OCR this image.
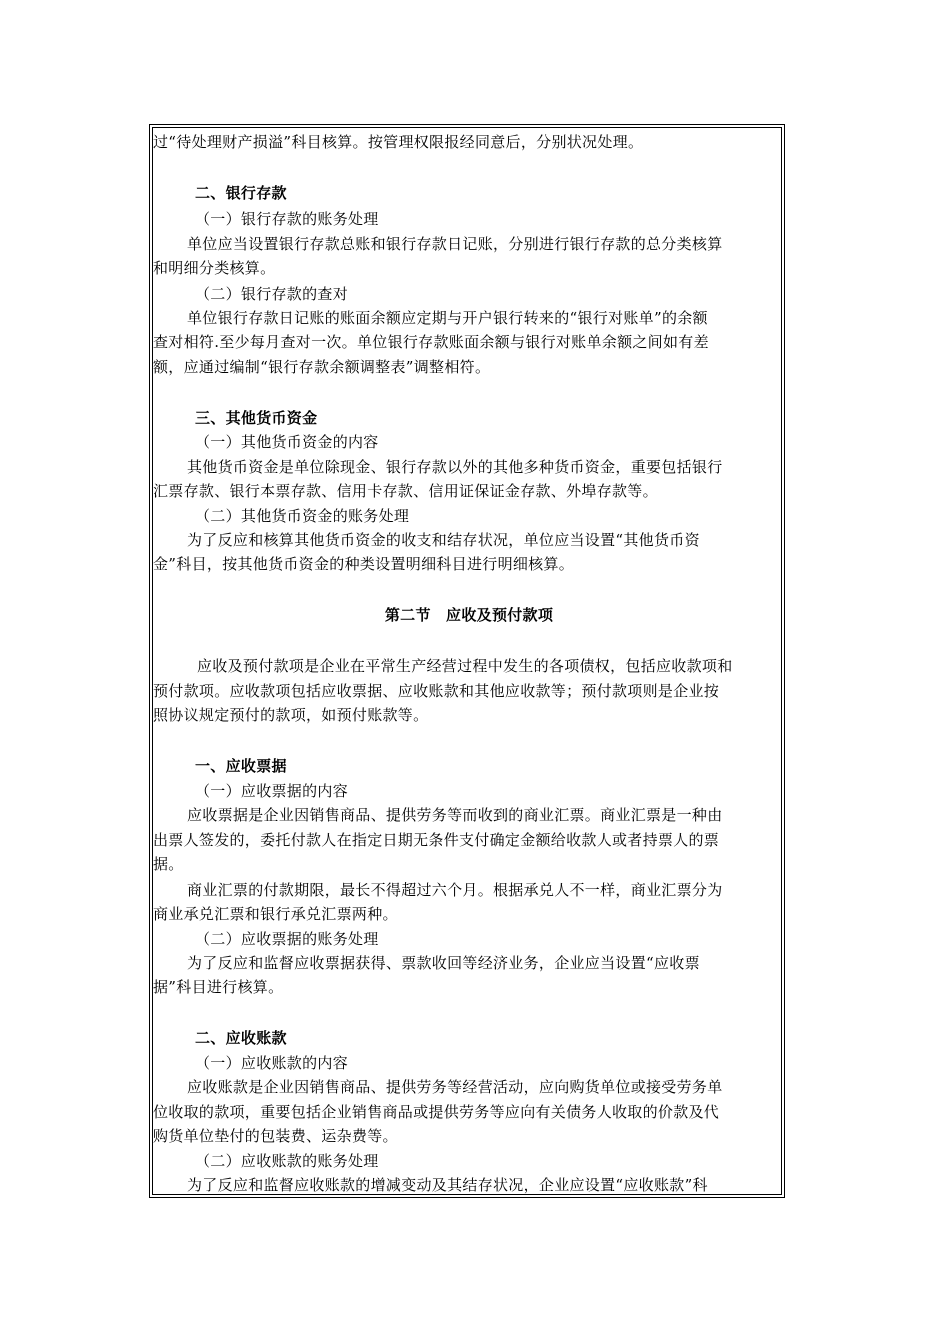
过“待处理财产损溢”科目核算。按管理权限报经同意后，分别状况处理。
二、银行存款
（一）银行存款的账务处理
单位应当设置银行存款总账和银行存款日记账，分别进行银行存款的总分类核算
和明细分类核算。
（二）银行存款的查对
单位银行存款日记账的账面余额应定期与开户银行转来的“银行对账单”的余额
查对相符.至少每月查对一次。单位银行存款账面余额与银行对账单余额之间如有差
额，应通过编制“银行存款余额调整表”调整相符。
三、其他货币资金
（一）其他货币资金的内容
其他货币资金是单位除现金、银行存款以外的其他多种货币资金，重要包括银行
汇票存款、银行本票存款、信用卡存款、信用证保证金存款、外埠存款等。
（二）其他货币资金的账务处理
为了反应和核算其他货币资金的收支和结存状况，单位应当设置“其他货币资
金”科目，按其他货币资金的种类设置明细科目进行明细核算。
第二节　应收及预付款项
应收及预付款项是企业在平常生产经营过程中发生的各项债权，包括应收款项和
预付款项。应收款项包括应收票据、应收账款和其他应收款等；预付款项则是企业按
照协议规定预付的款项，如预付账款等。
一、应收票据
（一）应收票据的内容
应收票据是企业因销售商品、提供劳务等而收到的商业汇票。商业汇票是一种由
出票人签发的，委托付款人在指定日期无条件支付确定金额给收款人或者持票人的票
据。
商业汇票的付款期限，最长不得超过六个月。根据承兑人不一样，商业汇票分为
商业承兑汇票和银行承兑汇票两种。
（二）应收票据的账务处理
为了反应和监督应收票据获得、票款收回等经济业务，企业应当设置“应收票
据”科目进行核算。
二、应收账款
（一）应收账款的内容
应收账款是企业因销售商品、提供劳务等经营活动，应向购货单位或接受劳务单
位收取的款项，重要包括企业销售商品或提供劳务等应向有关债务人收取的价款及代
购货单位垫付的包装费、运杂费等。
（二）应收账款的账务处理
为了反应和监督应收账款的增减变动及其结存状况，企业应设置“应收账款”科
